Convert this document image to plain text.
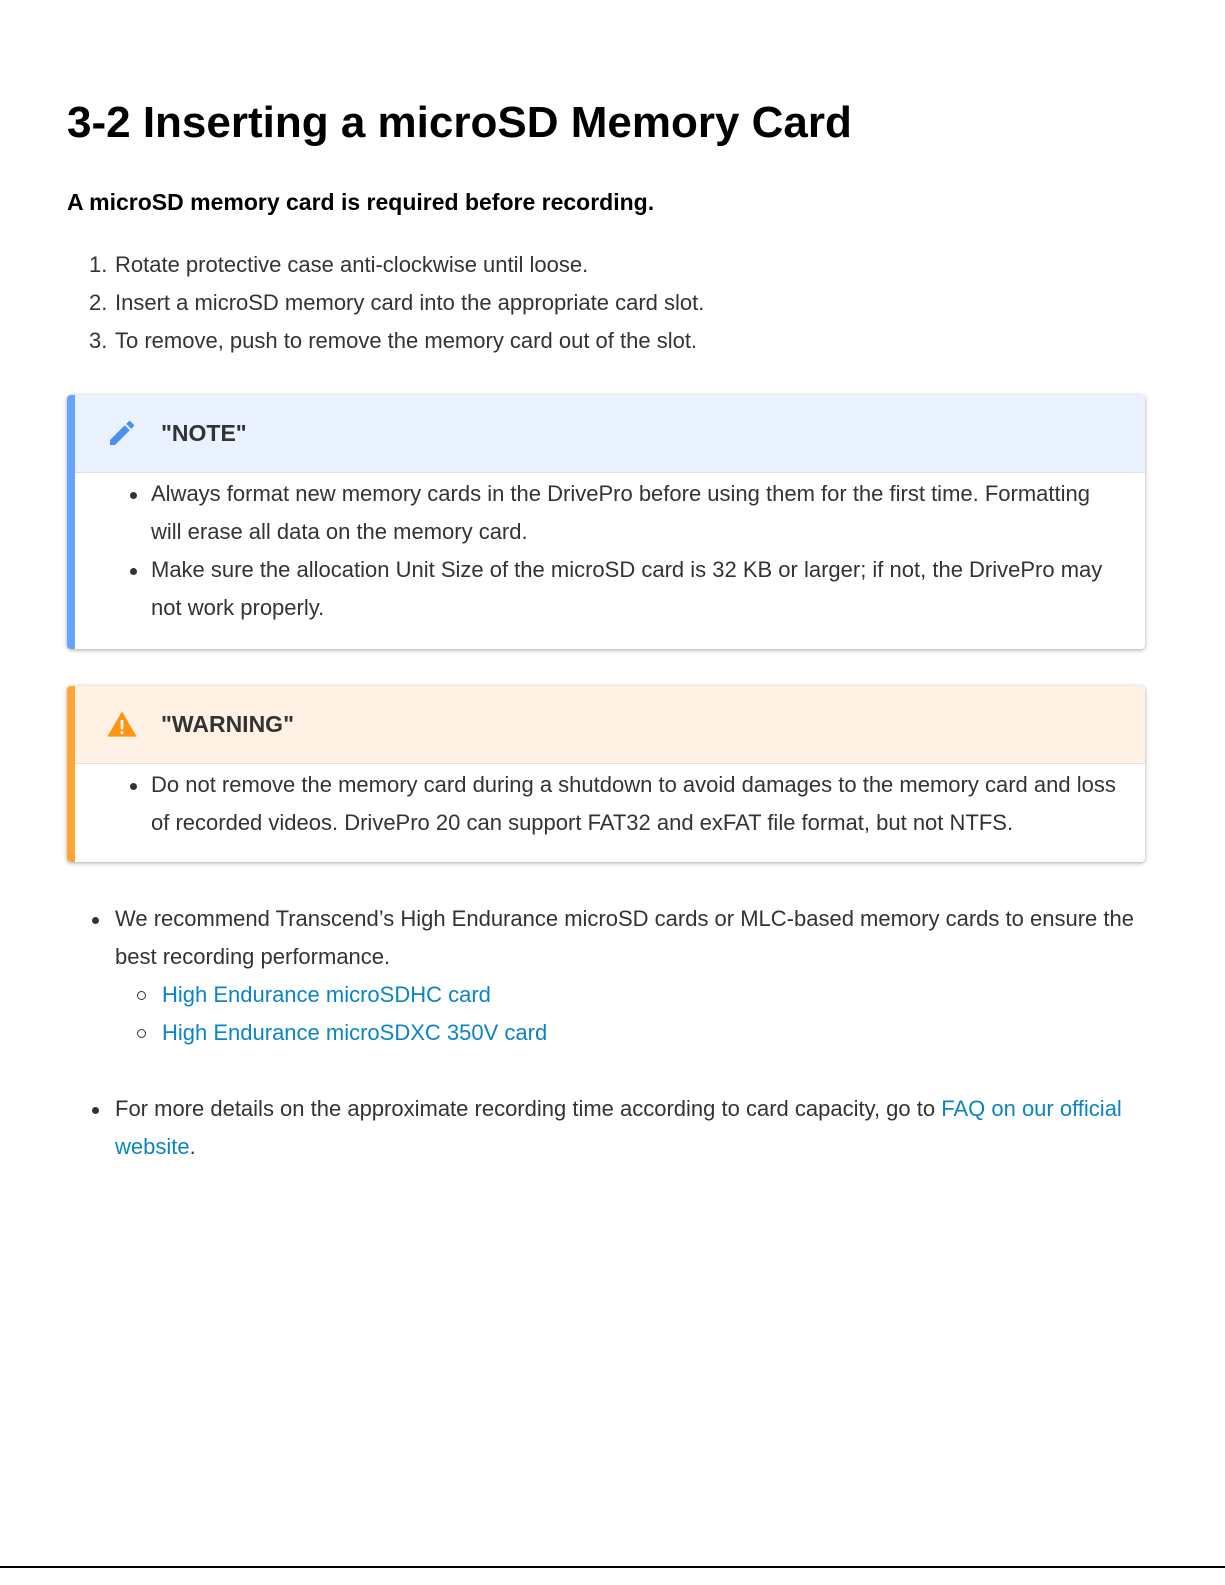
3-2 Inserting a microSD Memory Card

A microSD memory card is required before recording.

1. Rotate protective case anti-clockwise until loose.
2. Insert a microSD memory card into the appropriate card slot.
3. To remove, push to remove the memory card out of the slot.
"NOTE"
Always format new memory cards in the DrivePro before using them for the first time. Formatting will erase all data on the memory card.
Make sure the allocation Unit Size of the microSD card is 32 KB or larger; if not, the DrivePro may not work properly.
"WARNING"
Do not remove the memory card during a shutdown to avoid damages to the memory card and loss of recorded videos. DrivePro 20 can support FAT32 and exFAT file format, but not NTFS.
We recommend Transcend’s High Endurance microSD cards or MLC-based memory cards to ensure the best recording performance.
High Endurance microSDHC card
High Endurance microSDXC 350V card
For more details on the approximate recording time according to card capacity, go to FAQ on our official website.
